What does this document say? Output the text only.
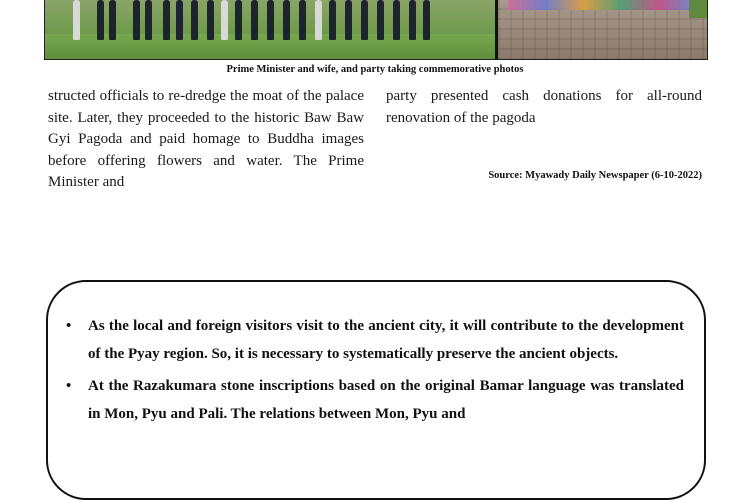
Prime Minister and wife, and party taking commemorative photos
structed officials to re-dredge the moat of the palace site. Later, they proceeded to the historic Baw Baw Gyi Pagoda and paid homage to Buddha images before offering flowers and water. The Prime Minister and
party presented cash donations for all-round renovation of the pagoda
Source: Myawady Daily Newspaper (6-10-2022)
• As the local and foreign visitors visit to the ancient city, it will contribute to the development of the Pyay region. So, it is necessary to systematically preserve the ancient objects.
• At the Razakumara stone inscriptions based on the original Bamar language was translated in Mon, Pyu and Pali. The relations between Mon, Pyu and
